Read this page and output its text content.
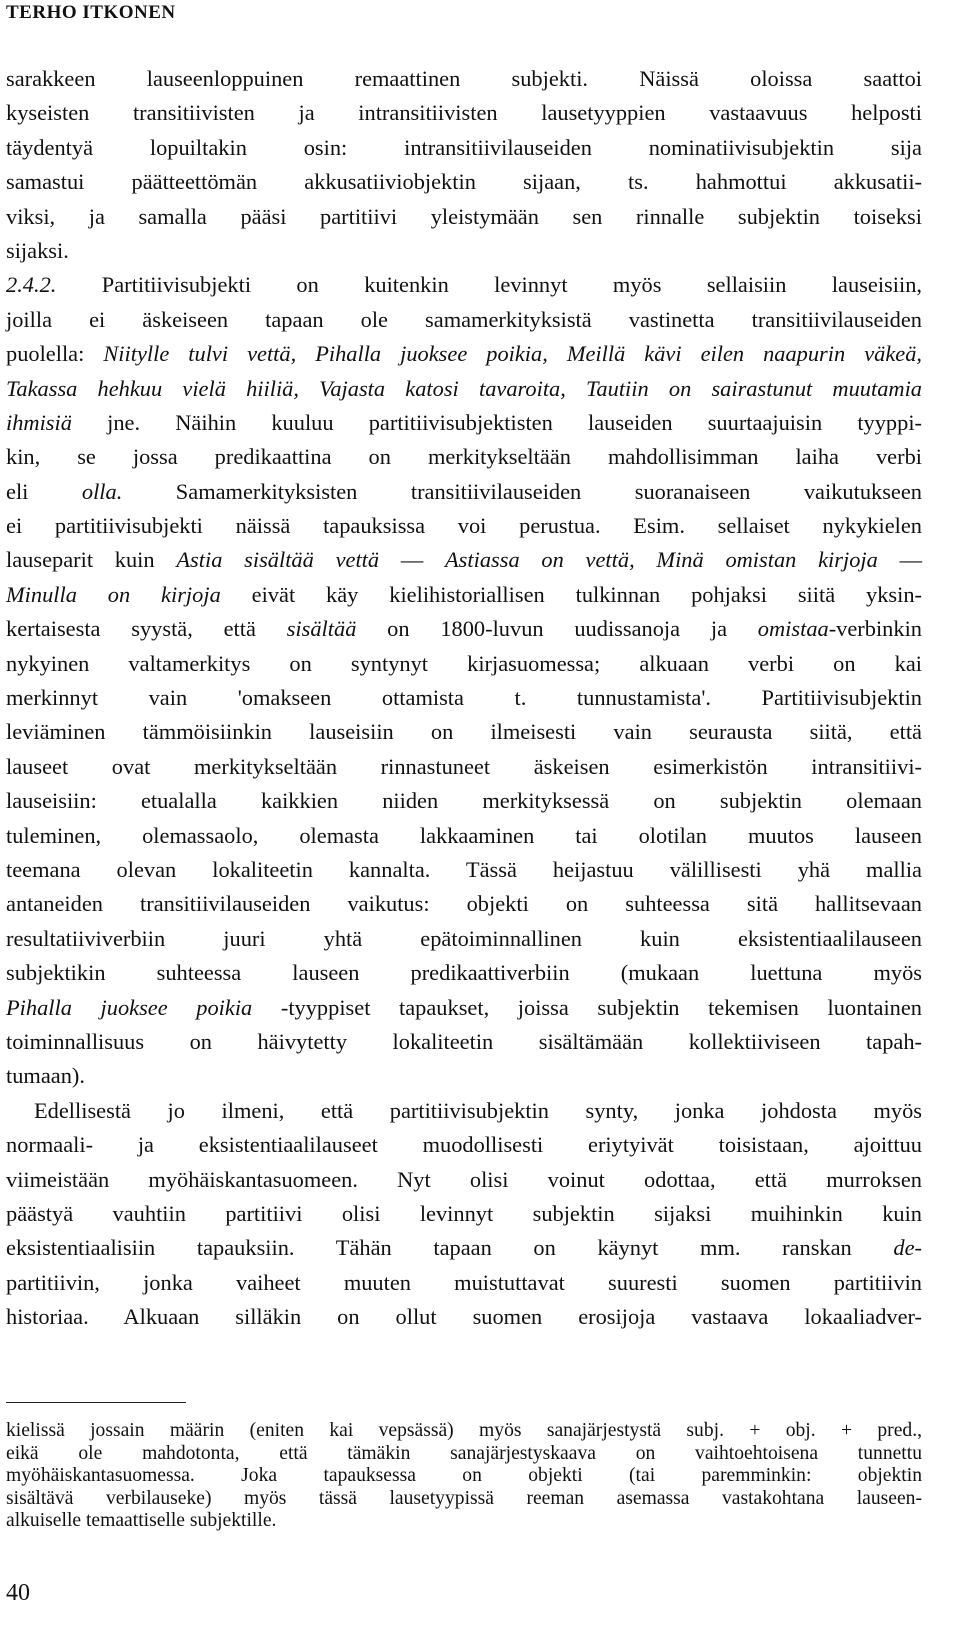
TERHO ITKONEN
sarakkeen lauseenloppuinen remaattinen subjekti. Näissä oloissa saattoi
kyseisten transitiivisten ja intransitiivisten lausetyyppien vastaavuus helposti
täydentyä lopuiltakin osin: intransitiivilauseiden nominatiivisubjektin sija
samastui päätteettömän akkusatiiviobjektin sijaan, ts. hahmottui akkusatii-
viksi, ja samalla pääsi partitiivi yleistymään sen rinnalle subjektin toiseksi
sijaksi.
2.4.2. Partitiivisubjekti on kuitenkin levinnyt myös sellaisiin lauseisiin,
joilla ei äskeiseen tapaan ole samamerkityksistä vastinetta transitiivilauseiden
puolella: Niitylle tulvi vettä, Pihalla juoksee poikia, Meillä kävi eilen naapurin väkeä,
Takassa hehkuu vielä hiiliä, Vajasta katosi tavaroita, Tautiin on sairastunut muutamia
ihmisiä jne. Näihin kuuluu partitiivisubjektisten lauseiden suurtaajuisin tyyppi-
kin, se jossa predikaattina on merkitykseltään mahdollisimman laiha verbi
eli olla. Samamerkityksisten transitiivilauseiden suoranaiseen vaikutukseen
ei partitiivisubjekti näissä tapauksissa voi perustua. Esim. sellaiset nykykielen
lauseparit kuin Astia sisältää vettä — Astiassa on vettä, Minä omistan kirjoja —
Minulla on kirjoja eivät käy kielihistoriallisen tulkinnan pohjaksi siitä yksin-
kertaisesta syystä, että sisältää on 1800-luvun uudissanoja ja omistaa-verbinkin
nykyinen valtamerkitys on syntynyt kirjasuomessa; alkuaan verbi on kai
merkinnyt vain 'omakseen ottamista t. tunnustamista'. Partitiivisubjektin
leviäminen tämmöisiinkin lauseisiin on ilmeisesti vain seurausta siitä, että
lauseet ovat merkitykseltään rinnastuneet äskeisen esimerkistön intransitiivi-
lauseisiin: etualalla kaikkien niiden merkityksessä on subjektin olemaan
tuleminen, olemassaolo, olemasta lakkaaminen tai olotilan muutos lauseen
teemana olevan lokaliteetin kannalta. Tässä heijastuu välillisesti yhä mallia
antaneiden transitiivilauseiden vaikutus: objekti on suhteessa sitä hallitsevaan
resultatiiviverbiin juuri yhtä epätoiminnallinen kuin eksistentiaalilauseen
subjektikin suhteessa lauseen predikaattiverbiin (mukaan luettuna myös
Pihalla juoksee poikia -tyyppiset tapaukset, joissa subjektin tekemisen luontainen
toiminnallisuus on häivytetty lokaliteetin sisältämään kollektiiviseen tapah-
tumaan).
Edellisestä jo ilmeni, että partitiivisubjektin synty, jonka johdosta myös
normaali- ja eksistentiaalilauseet muodollisesti eriytyivät toisistaan, ajoittuu
viimeistään myöhäiskantasuomeen. Nyt olisi voinut odottaa, että murroksen
päästyä vauhtiin partitiivi olisi levinnyt subjektin sijaksi muihinkin kuin
eksistentiaalisiin tapauksiin. Tähän tapaan on käynyt mm. ranskan de-
partitiivin, jonka vaiheet muuten muistuttavat suuresti suomen partitiivin
historiaa. Alkuaan silläkin on ollut suomen erosijoja vastaava lokaaliadver-
kielissä jossain määrin (eniten kai vepsässä) myös sanajärjestystä subj. + obj. + pred.,
eikä ole mahdotonta, että tämäkin sanajärjestyskaava on vaihtoehtoisena tunnettu
myöhäiskantasuomessa. Joka tapauksessa on objekti (tai paremminkin: objektin
sisältävä verbilauseke) myös tässä lausetyypissä reeman asemassa vastakohtana lauseen-
alkuiselle temaattiselle subjektille.
40
